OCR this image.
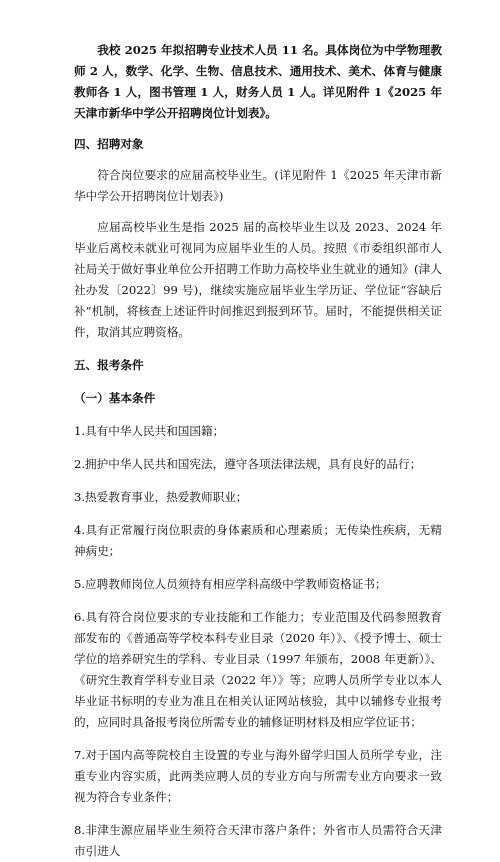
我校 2025 年拟招聘专业技术人员 11 名。具体岗位为中学物理教师 2 人，数学、化学、生物、信息技术、通用技术、美术、体育与健康教师各 1 人，图书管理 1 人，财务人员 1 人。详见附件 1《2025 年天津市新华中学公开招聘岗位计划表》。

四、招聘对象

符合岗位要求的应届高校毕业生。(详见附件 1《2025 年天津市新华中学公开招聘岗位计划表》)

应届高校毕业生是指 2025 届的高校毕业生以及 2023、2024 年毕业后离校未就业可视同为应届毕业生的人员。按照《市委组织部市人社局关于做好事业单位公开招聘工作助力高校毕业生就业的通知》(津人社办发〔2022〕99 号)，继续实施应届毕业生学历证、学位证“容缺后补”机制，将核查上述证件时间推迟到报到环节。届时，不能提供相关证件，取消其应聘资格。

五、报考条件

（一）基本条件

1.具有中华人民共和国国籍；

2.拥护中华人民共和国宪法，遵守各项法律法规，具有良好的品行；

3.热爱教育事业，热爱教师职业；

4.具有正常履行岗位职责的身体素质和心理素质；无传染性疾病，无精神病史；

5.应聘教师岗位人员须持有相应学科高级中学教师资格证书；

6.具有符合岗位要求的专业技能和工作能力；专业范围及代码参照教育部发布的《普通高等学校本科专业目录（2020 年）》、《授予博士、硕士学位的培养研究生的学科、专业目录（1997 年颁布，2008 年更新）》、《研究生教育学科专业目录（2022 年）》等；应聘人员所学专业以本人毕业证书标明的专业为准且在相关认证网站核验，其中以辅修专业报考的，应同时具备报考岗位所需专业的辅修证明材料及相应学位证书；

7.对于国内高等院校自主设置的专业与海外留学归国人员所学专业，注重专业内容实质，此两类应聘人员的专业方向与所需专业方向要求一致视为符合专业条件；

8.非津生源应届毕业生须符合天津市落户条件；外省市人员需符合天津市引进人
